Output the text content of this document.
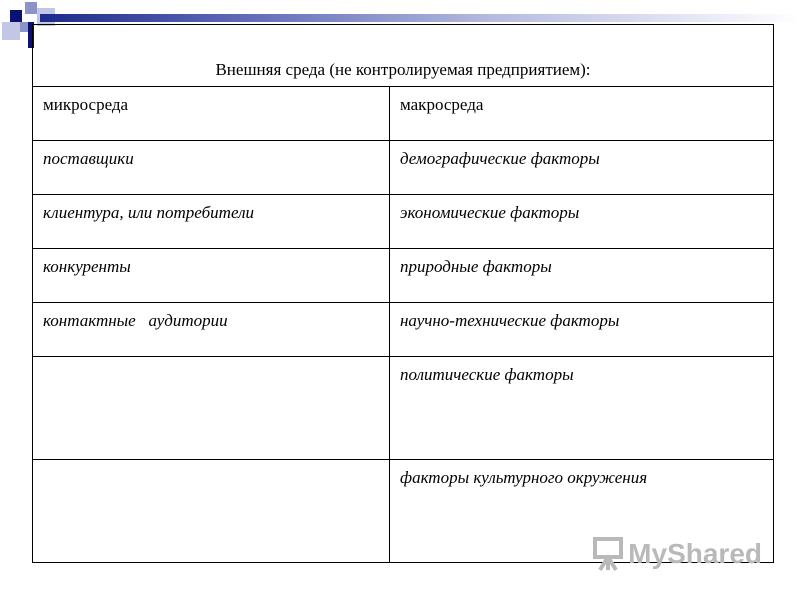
Внешняя среда (не контролируемая предприятием):	

микросреда	макросреда

поставщики	демографические факторы

клиентура, или потребители	экономические факторы

конкуренты	природные факторы

контактные   аудитории	научно-технические факторы

	политические факторы

	факторы культурного окружения
MyShared
